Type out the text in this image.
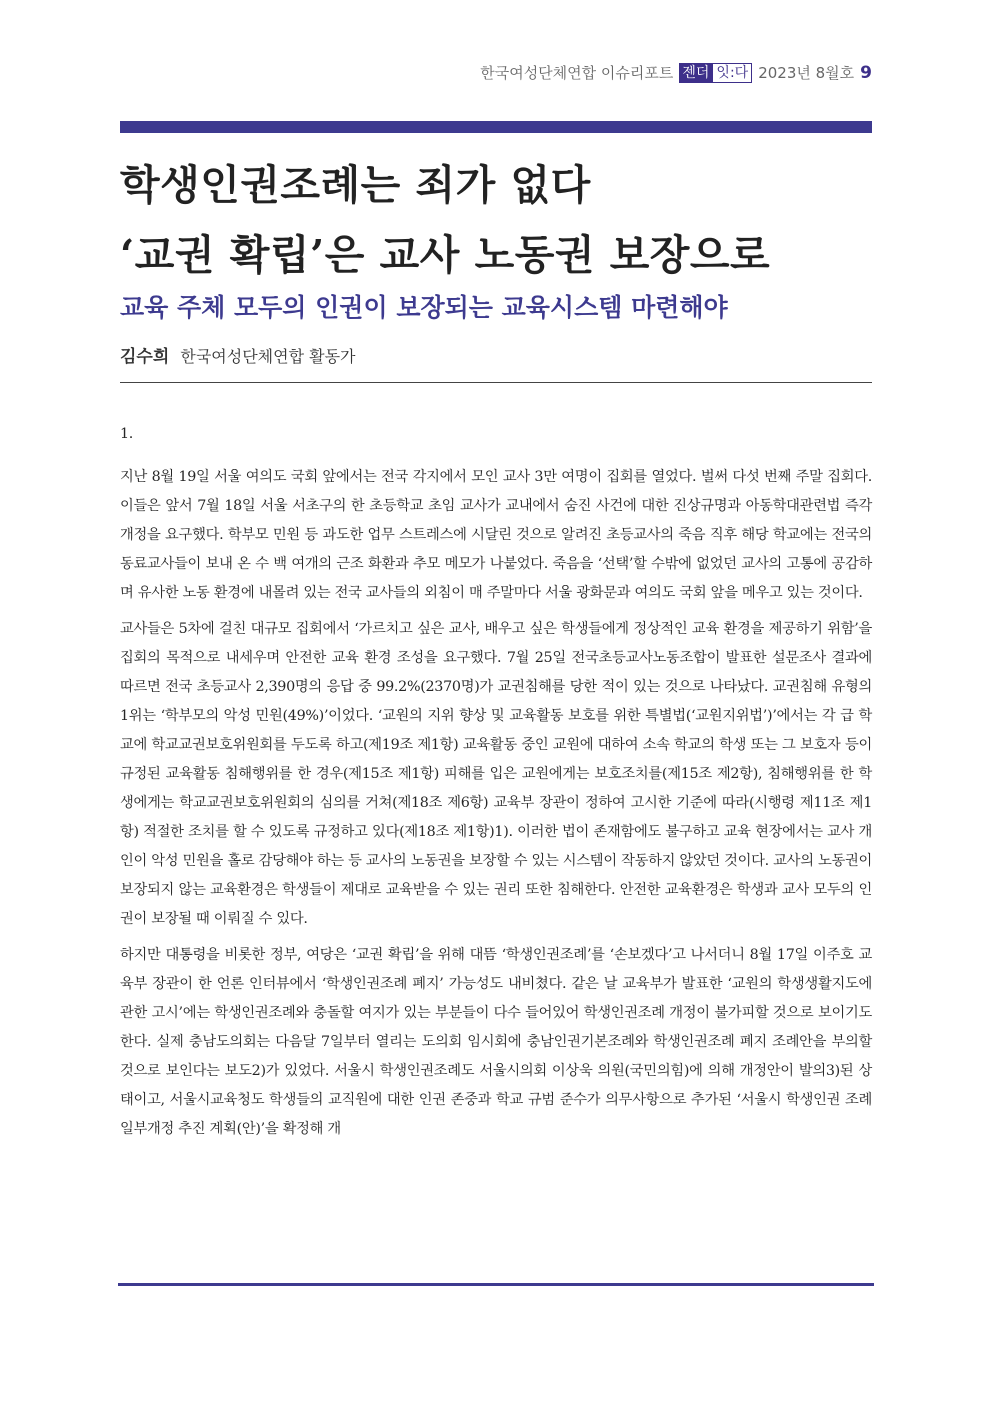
한국여성단체연합 이슈리포트 젠더 잇:다 2023년 8월호 9
학생인권조례는 죄가 없다
‘교권 확립’은 교사 노동권 보장으로
교육 주체 모두의 인권이 보장되는 교육시스템 마련해야
김수희 한국여성단체연합 활동가
1.

지난 8월 19일 서울 여의도 국회 앞에서는 전국 각지에서 모인 교사 3만 여명이 집회를 열었다. 벌써 다섯 번째 주말 집회다. 이들은 앞서 7월 18일 서울 서초구의 한 초등학교 초임 교사가 교내에서 숨진 사건에 대한 진상규명과 아동학대관련법 즉각 개정을 요구했다. 학부모 민원 등 과도한 업무 스트레스에 시달린 것으로 알려진 초등교사의 죽음 직후 해당 학교에는 전국의 동료교사들이 보내 온 수 백 여개의 근조 화환과 추모 메모가 나붙었다. 죽음을 ‘선택’할 수밖에 없었던 교사의 고통에 공감하며 유사한 노동 환경에 내몰려 있는 전국 교사들의 외침이 매 주말마다 서울 광화문과 여의도 국회 앞을 메우고 있는 것이다.

교사들은 5차에 걸친 대규모 집회에서 ‘가르치고 싶은 교사, 배우고 싶은 학생들에게 정상적인 교육 환경을 제공하기 위함’을 집회의 목적으로 내세우며 안전한 교육 환경 조성을 요구했다. 7월 25일 전국초등교사노동조합이 발표한 설문조사 결과에 따르면 전국 초등교사 2,390명의 응답 중 99.2%(2370명)가 교권침해를 당한 적이 있는 것으로 나타났다. 교권침해 유형의 1위는 ‘학부모의 악성 민원(49%)’이었다. ‘교원의 지위 향상 및 교육활동 보호를 위한 특별법(‘교원지위법’)’에서는 각 급 학교에 학교교권보호위원회를 두도록 하고(제19조 제1항) 교육활동 중인 교원에 대하여 소속 학교의 학생 또는 그 보호자 등이 규정된 교육활동 침해행위를 한 경우(제15조 제1항) 피해를 입은 교원에게는 보호조치를(제15조 제2항), 침해행위를 한 학생에게는 학교교권보호위원회의 심의를 거쳐(제18조 제6항) 교육부 장관이 정하여 고시한 기준에 따라(시행령 제11조 제1항) 적절한 조치를 할 수 있도록 규정하고 있다(제18조 제1항)1). 이러한 법이 존재함에도 불구하고 교육 현장에서는 교사 개인이 악성 민원을 홀로 감당해야 하는 등 교사의 노동권을 보장할 수 있는 시스템이 작동하지 않았던 것이다. 교사의 노동권이 보장되지 않는 교육환경은 학생들이 제대로 교육받을 수 있는 권리 또한 침해한다. 안전한 교육환경은 학생과 교사 모두의 인권이 보장될 때 이뤄질 수 있다.

하지만 대통령을 비롯한 정부, 여당은 ‘교권 확립’을 위해 대뜸 ‘학생인권조례’를 ‘손보겠다’고 나서더니 8월 17일 이주호 교육부 장관이 한 언론 인터뷰에서 ‘학생인권조례 폐지’ 가능성도 내비쳤다. 같은 날 교육부가 발표한 ‘교원의 학생생활지도에 관한 고시’에는 학생인권조례와 충돌할 여지가 있는 부분들이 다수 들어있어 학생인권조례 개정이 불가피할 것으로 보이기도 한다. 실제 충남도의회는 다음달 7일부터 열리는 도의회 임시회에 충남인권기본조례와 학생인권조례 폐지 조례안을 부의할 것으로 보인다는 보도2)가 있었다. 서울시 학생인권조례도 서울시의회 이상욱 의원(국민의힘)에 의해 개정안이 발의3)된 상태이고, 서울시교육청도 학생들의 교직원에 대한 인권 존중과 학교 규범 준수가 의무사항으로 추가된 ‘서울시 학생인권 조례 일부개정 추진 계획(안)’을 확정해 개
